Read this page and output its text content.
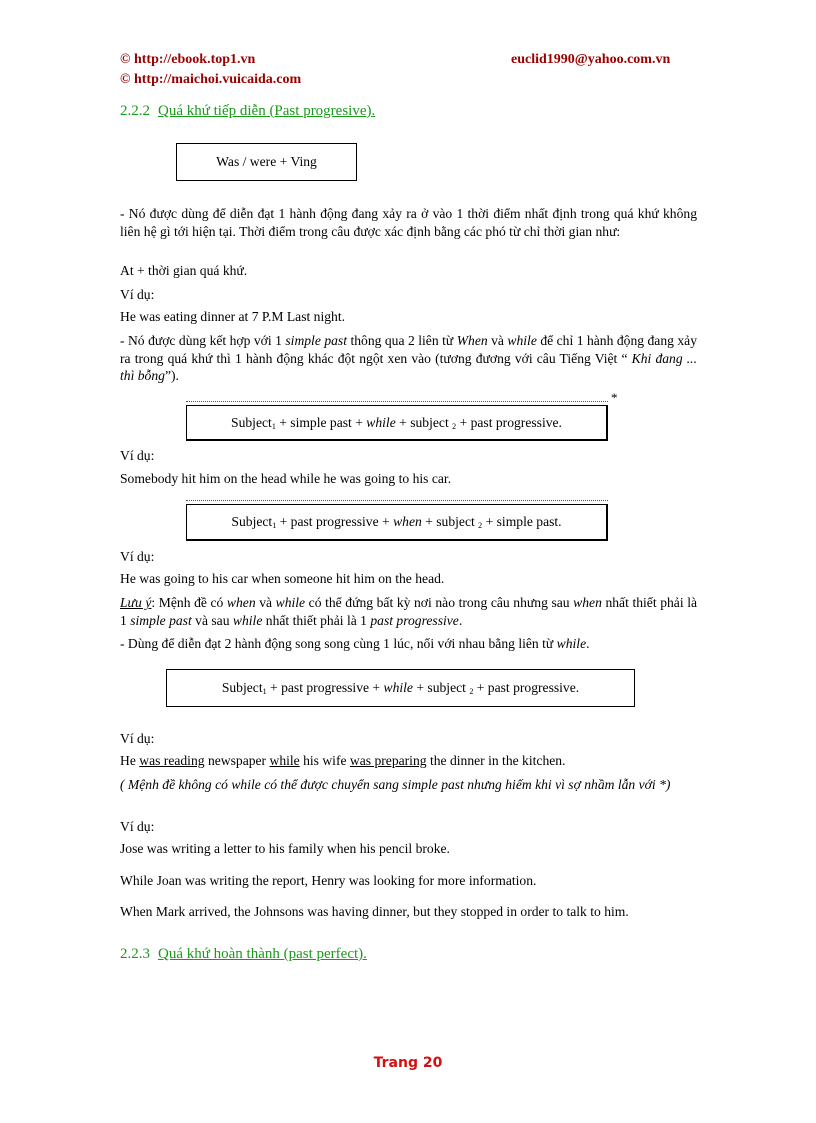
© http://ebook.top1.vn
© http://maichoi.vuicaida.com
euclid1990@yahoo.com.vn
2.2.2 Quá khứ tiếp diễn (Past progresive).
Was / were + Ving
- Nó được dùng để diễn đạt 1 hành động đang xảy ra ở vào 1 thời điểm nhất định trong quá khứ không liên hệ gì tới hiện tại. Thời điểm trong câu được xác định bằng các phó từ chỉ thời gian như:
At + thời gian quá khứ.
Ví dụ:
He was eating dinner at 7 P.M Last night.
- Nó được dùng kết hợp với 1 simple past thông qua 2 liên từ When và while để chỉ 1 hành động đang xảy ra trong quá khứ thì 1 hành động khác đột ngột xen vào (tương đương với câu Tiếng Việt “ Khi đang ... thì bỗng”).
*
Subject$_1$ + simple past + while + subject $_2$ + past progressive.
Ví dụ:
Somebody hit him on the head while he was going to his car.
Subject$_1$ + past progressive + when + subject $_2$ + simple past.
Ví dụ:
He was going to his car when someone hit him on the head.
Lưu ý: Mệnh đề có when và while có thể đứng bất kỳ nơi nào trong câu nhưng sau when nhất thiết phải là 1 simple past và sau while nhất thiết phải là 1 past progressive.
- Dùng để diễn đạt 2 hành động song song cùng 1 lúc, nối với nhau bằng liên từ while.
Subject$_1$ + past progressive + while + subject $_2$ + past progressive.
Ví dụ:
He was reading newspaper while his wife was preparing the dinner in the kitchen.
( Mệnh đề không có while có thể được chuyển sang simple past nhưng hiếm khi vì sợ nhầm lẫn với *)
Ví dụ:
Jose was writing a letter to his family when his pencil broke.
While Joan was writing the report, Henry was looking for more information.
When Mark arrived, the Johnsons was having dinner, but they stopped in order to talk to him.
2.2.3 Quá khứ hoàn thành (past perfect).
Trang 20
